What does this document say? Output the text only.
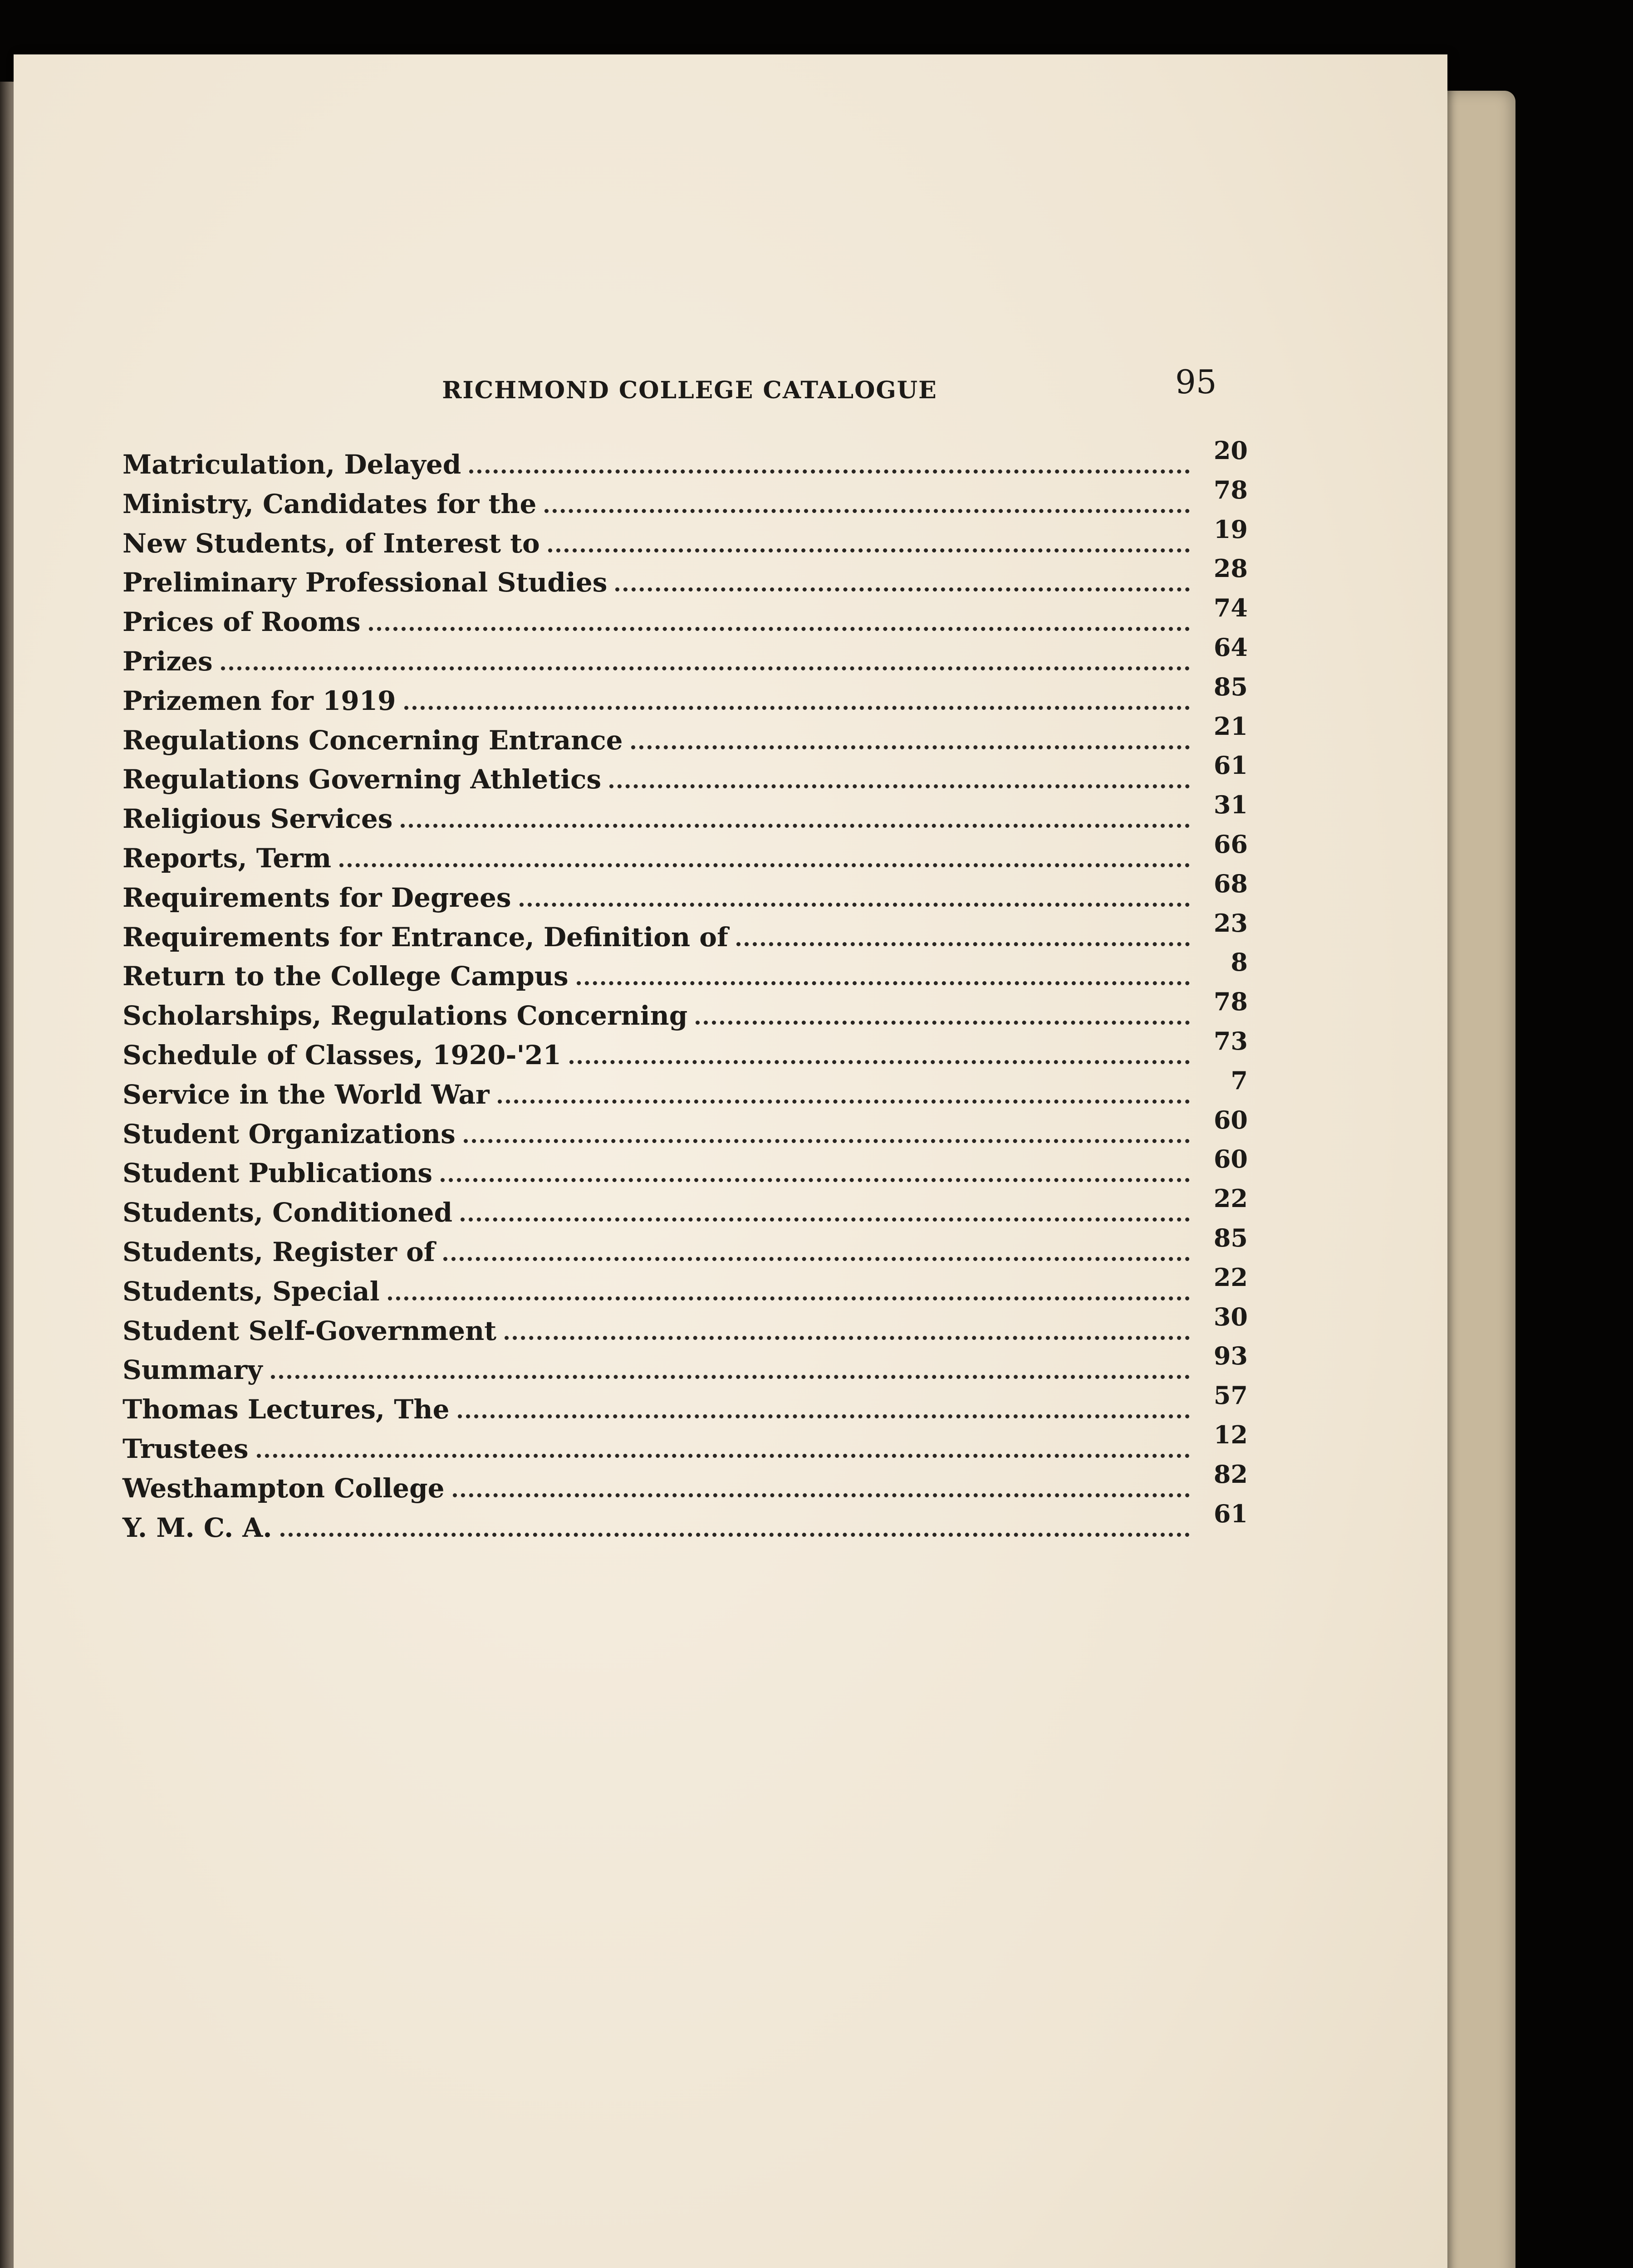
RICHMOND COLLEGE CATALOGUE	95
Matriculation, Delayed	20
Ministry, Candidates for the	78
New Students, of Interest to	19
Preliminary Professional Studies	28
Prices of Rooms	74
Prizes	64
Prizemen for 1919	85
Regulations Concerning Entrance	21
Regulations Governing Athletics	61
Religious Services	31
Reports, Term	66
Requirements for Degrees	68
Requirements for Entrance, Definition of	23
Return to the College Campus	8
Scholarships, Regulations Concerning	78
Schedule of Classes, 1920-'21	73
Service in the World War	7
Student Organizations	60
Student Publications	60
Students, Conditioned	22
Students, Register of	85
Students, Special	22
Student Self-Government	30
Summary	93
Thomas Lectures, The	57
Trustees	12
Westhampton College	82
Y. M. C. A.	61
